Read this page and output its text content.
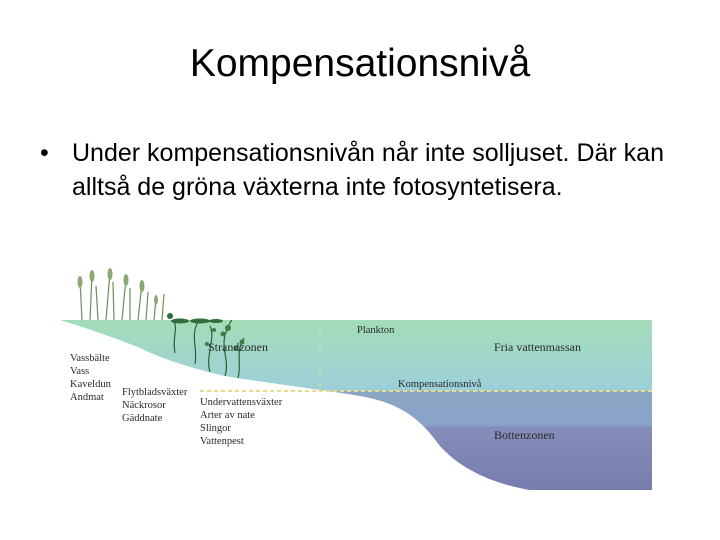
Kompensationsnivå
• Under kompensationsnivån når inte solljuset. Där kan alltså de gröna växterna inte fotosyntetisera.
Plankton
Fria vattenmassan
Strandzonen
Kompensationsnivå
Bottenzonen
Vassbälte
Vass
Kaveldun
Andmat	Flytbladsväxter
Näckrosor
Gäddnate
Undervattensväxter
Arter av nate
Slingor
Vattenpest
